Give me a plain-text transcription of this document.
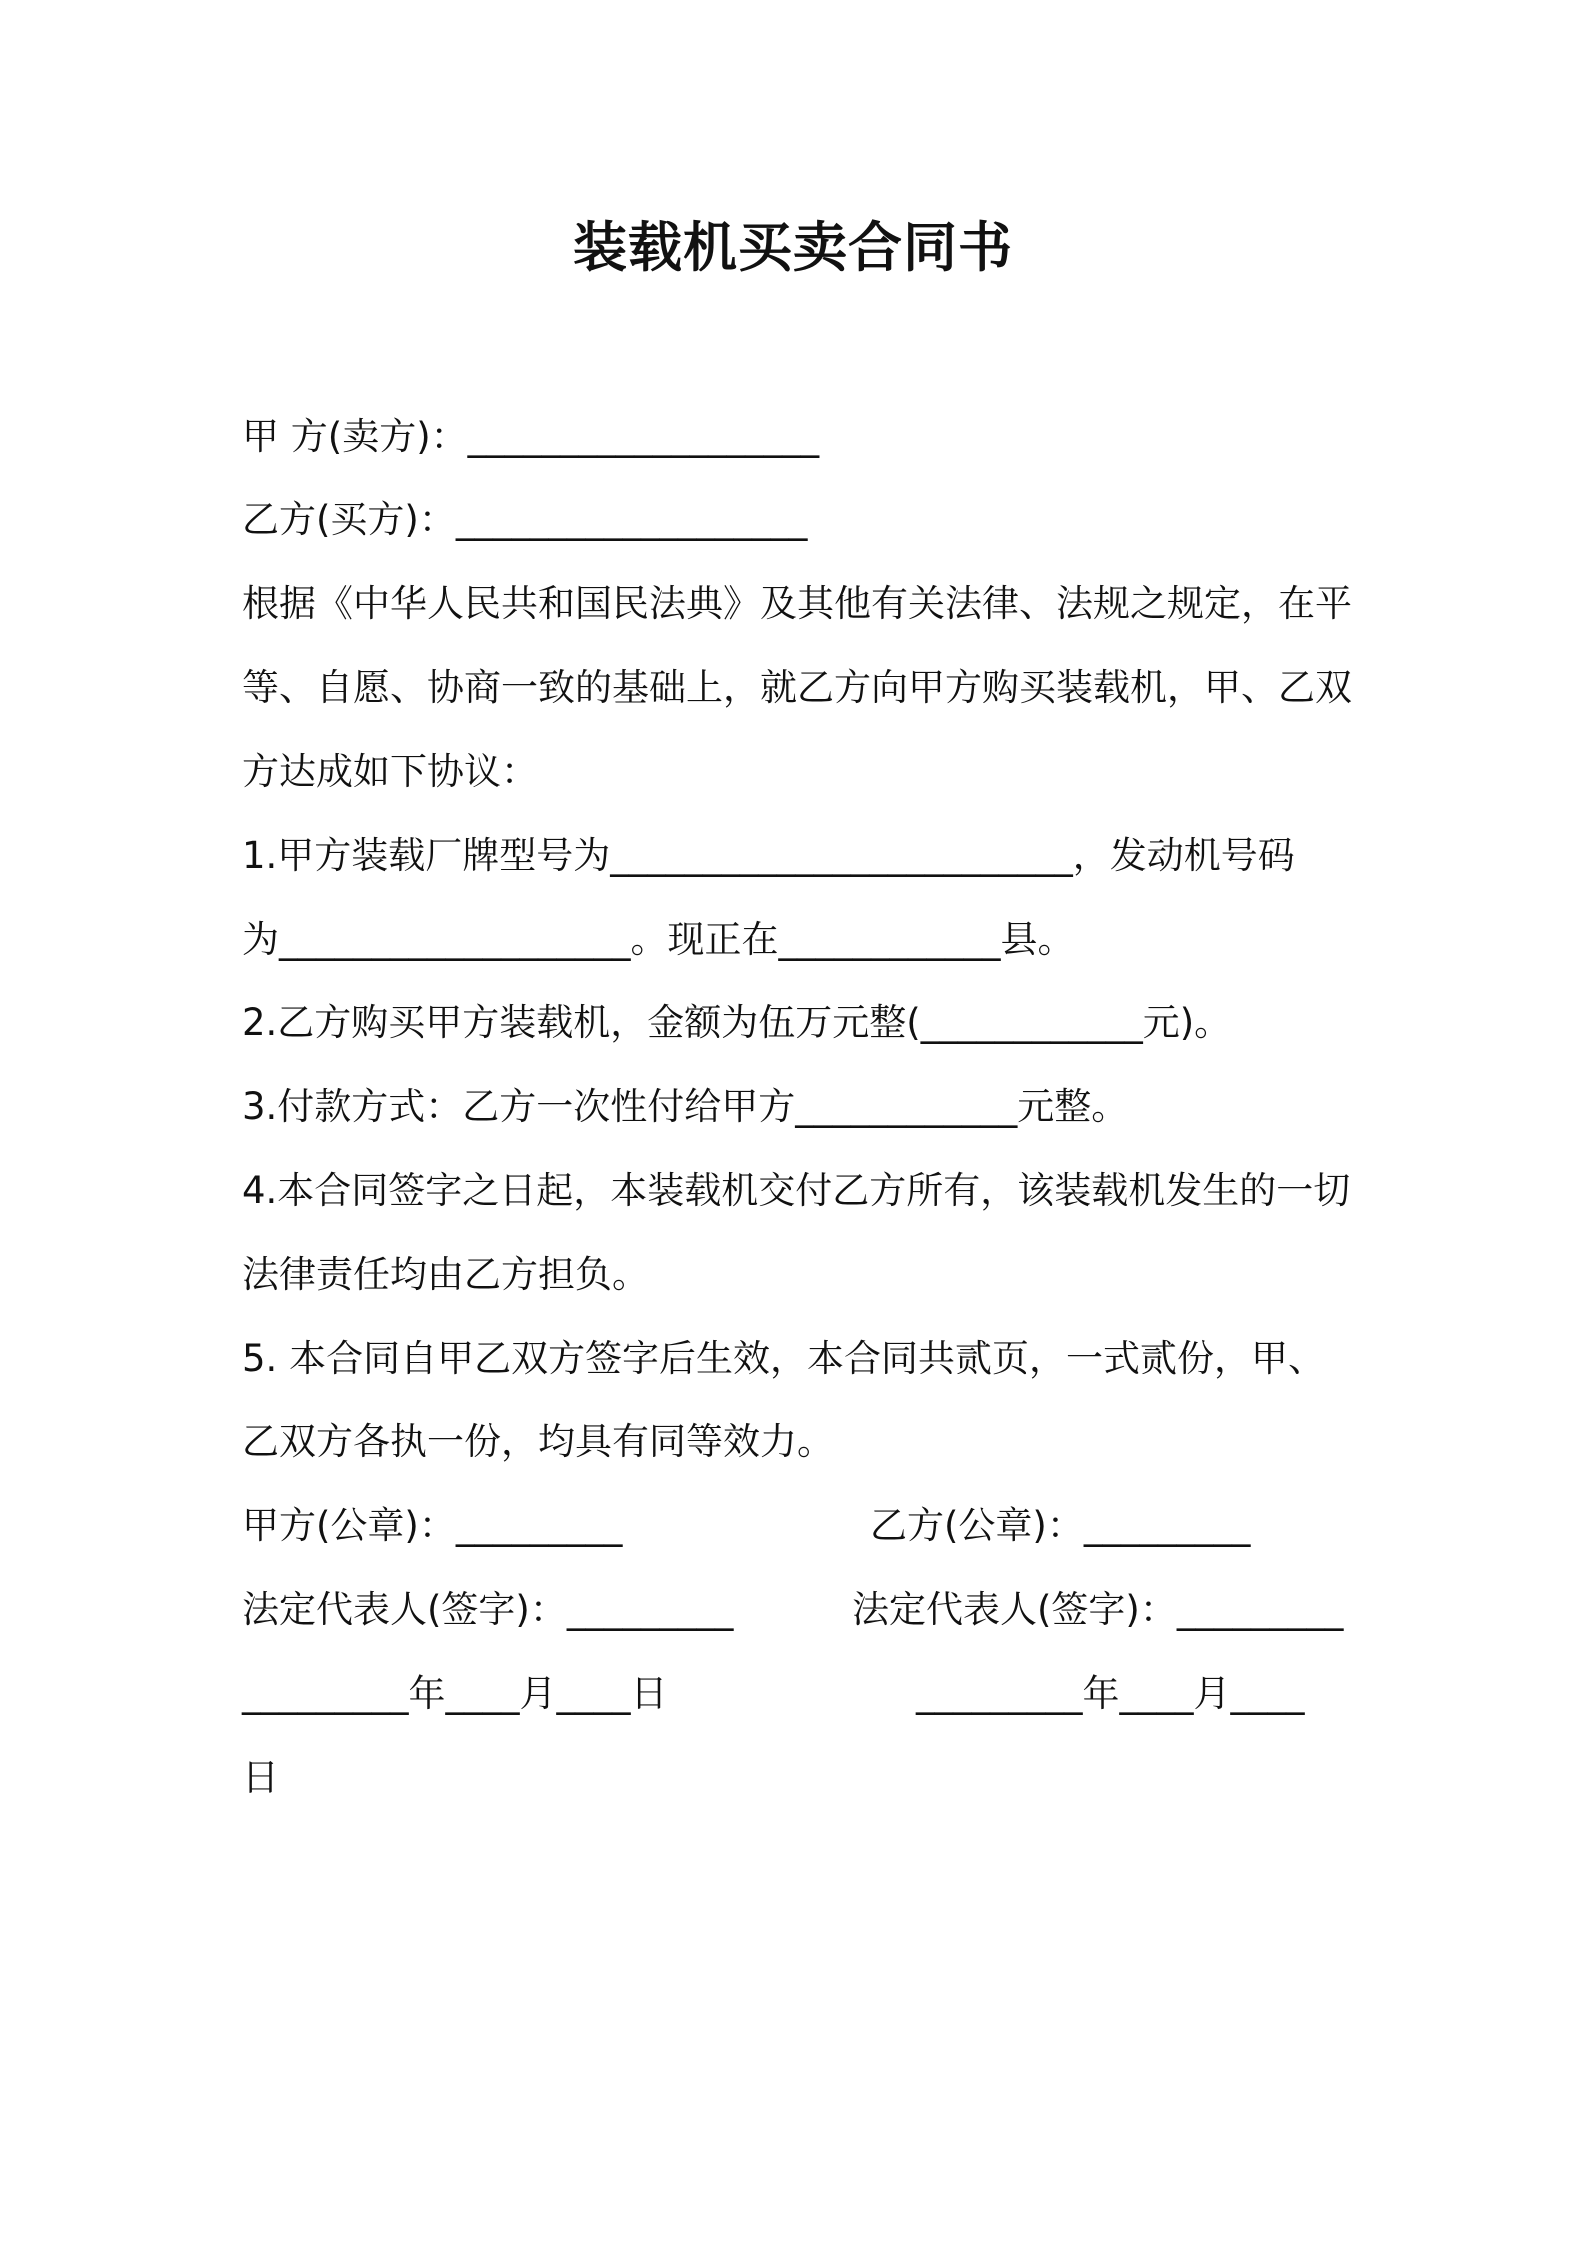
装载机买卖合同书
甲 方(卖方)：___________________
乙方(买方)：___________________
根据《中华人民共和国民法典》及其他有关法律、法规之规定，在平
等、自愿、协商一致的基础上，就乙方向甲方购买装载机，甲、乙双
方达成如下协议：
1.甲方装载厂牌型号为_________________________，发动机号码
为___________________。现正在____________县。
2.乙方购买甲方装载机，金额为伍万元整(____________元)。
3.付款方式：乙方一次性付给甲方____________元整。
4.本合同签字之日起，本装载机交付乙方所有，该装载机发生的一切
法律责任均由乙方担负。
5. 本合同自甲乙双方签字后生效，本合同共贰页，一式贰份，甲、
乙双方各执一份，均具有同等效力。
甲方(公章)：_________	乙方(公章)：_________
法定代表人(签字)：_________	法定代表人(签字)：_________
_________年____月____日	_________年____月____
日
